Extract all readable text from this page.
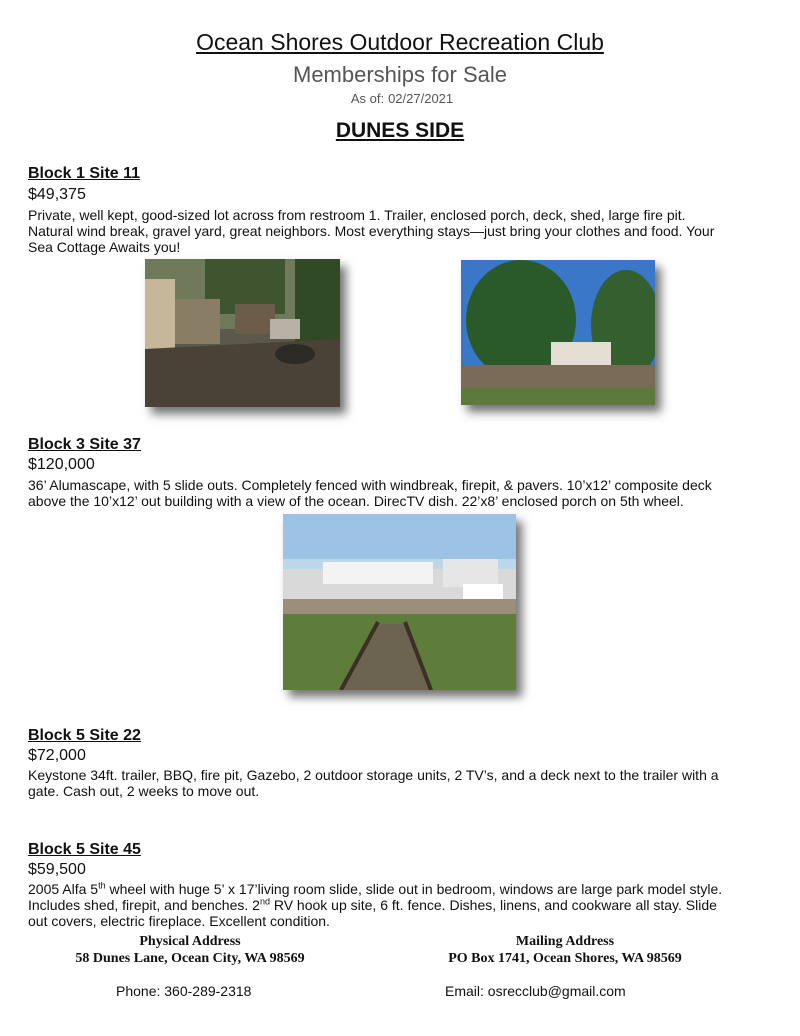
Ocean Shores Outdoor Recreation Club
Memberships for Sale
As of: 02/27/2021
DUNES SIDE
Block 1 Site 11
$49,375
Private, well kept, good-sized lot across from restroom 1. Trailer, enclosed porch, deck, shed, large fire pit. Natural wind break, gravel yard, great neighbors. Most everything stays—just bring your clothes and food. Your Sea Cottage Awaits you!
Block 3 Site 37
$120,000
36’ Alumascape, with 5 slide outs. Completely fenced with windbreak, firepit, & pavers. 10’x12’ composite deck above the 10’x12’ out building with a view of the ocean. DirecTV dish. 22’x8’ enclosed porch on 5th wheel.
Block 5 Site 22
$72,000
Keystone 34ft. trailer, BBQ, fire pit, Gazebo, 2 outdoor storage units, 2 TV’s, and a deck next to the trailer with a gate. Cash out, 2 weeks to move out.
Block 5 Site 45
$59,500
2005 Alfa 5th wheel with huge 5’ x 17’living room slide, slide out in bedroom, windows are large park model style. Includes shed, firepit, and benches. 2nd RV hook up site, 6 ft. fence. Dishes, linens, and cookware all stay. Slide out covers, electric fireplace. Excellent condition.
Physical Address
58 Dunes Lane, Ocean City, WA 98569
Mailing Address
PO Box 1741, Ocean Shores, WA 98569
Phone: 360-289-2318	Email: osrecclub@gmail.com
